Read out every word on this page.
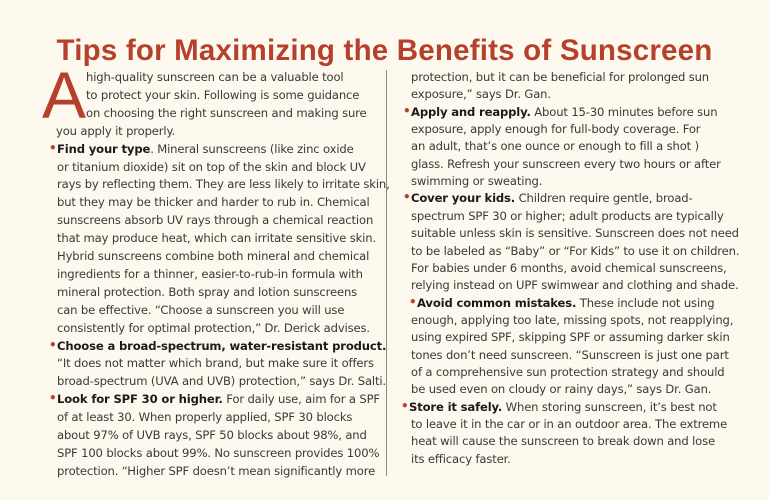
Tips for Maximizing the Benefits of Sunscreen
A high-quality sunscreen can be a valuable tool
to protect your skin. Following is some guidance
on choosing the right sunscreen and making sure
you apply it properly.
• Find your type. Mineral sunscreens (like zinc oxide
or titanium dioxide) sit on top of the skin and block UV
rays by reflecting them. They are less likely to irritate skin,
but they may be thicker and harder to rub in. Chemical
sunscreens absorb UV rays through a chemical reaction
that may produce heat, which can irritate sensitive skin.
Hybrid sunscreens combine both mineral and chemical
ingredients for a thinner, easier-to-rub-in formula with
mineral protection. Both spray and lotion sunscreens
can be effective. “Choose a sunscreen you will use
consistently for optimal protection,” Dr. Derick advises.
• Choose a broad-spectrum, water-resistant product.
“It does not matter which brand, but make sure it offers
broad-spectrum (UVA and UVB) protection,” says Dr. Salti.
• Look for SPF 30 or higher. For daily use, aim for a SPF
of at least 30. When properly applied, SPF 30 blocks
about 97% of UVB rays, SPF 50 blocks about 98%, and
SPF 100 blocks about 99%. No sunscreen provides 100%
protection. “Higher SPF doesn’t mean significantly more
protection, but it can be beneficial for prolonged sun
exposure,” says Dr. Gan.
• Apply and reapply. About 15-30 minutes before sun
exposure, apply enough for full-body coverage. For
an adult, that’s one ounce or enough to fill a shot )
glass. Refresh your sunscreen every two hours or after
swimming or sweating.
• Cover your kids. Children require gentle, broad-
spectrum SPF 30 or higher; adult products are typically
suitable unless skin is sensitive. Sunscreen does not need
to be labeled as “Baby” or “For Kids” to use it on children.
For babies under 6 months, avoid chemical sunscreens,
relying instead on UPF swimwear and clothing and shade.
• Avoid common mistakes. These include not using
enough, applying too late, missing spots, not reapplying,
using expired SPF, skipping SPF or assuming darker skin
tones don’t need sunscreen. “Sunscreen is just one part
of a comprehensive sun protection strategy and should
be used even on cloudy or rainy days,” says Dr. Gan.
• Store it safely. When storing sunscreen, it’s best not
to leave it in the car or in an outdoor area. The extreme
heat will cause the sunscreen to break down and lose
its efficacy faster.
